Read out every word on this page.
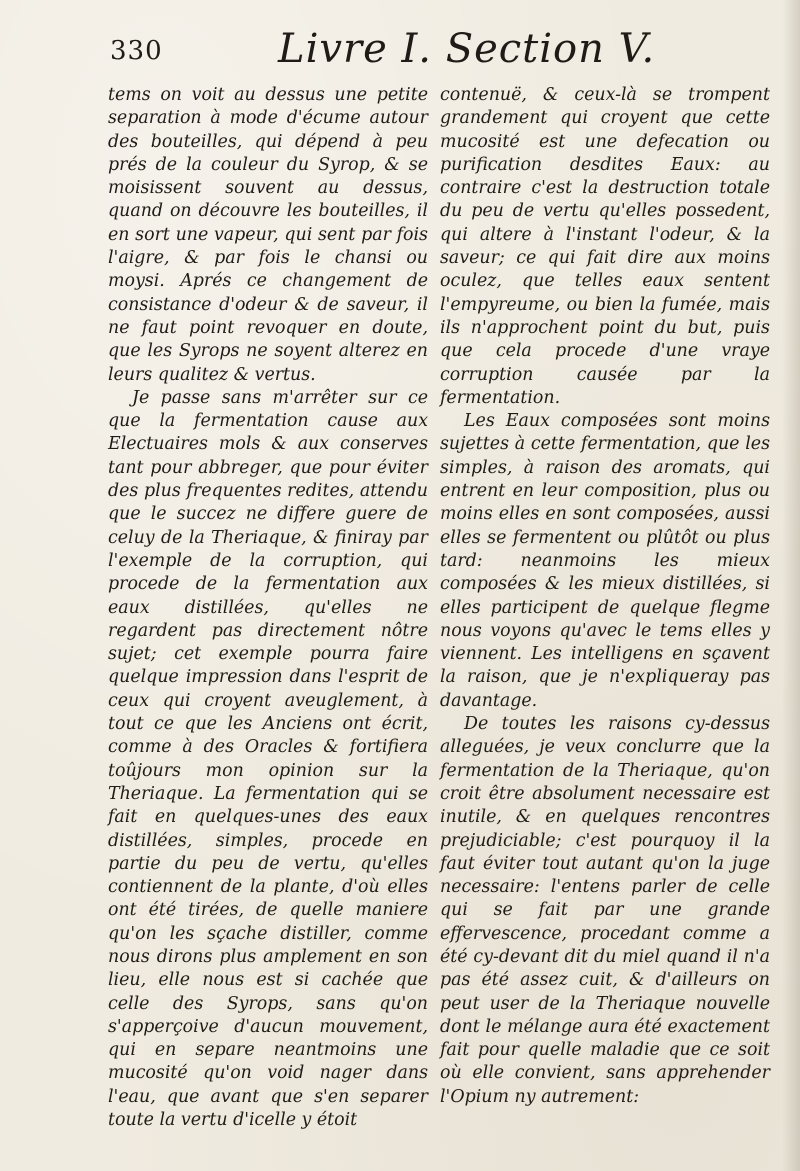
330	Livre I. Section V.

tems on voit au dessus une petite separation à mode d'écume autour des bouteilles, qui dépend à peu prés de la couleur du Syrop, & se moisissent souvent au dessus, quand on découvre les bouteilles, il en sort une vapeur, qui sent par fois l'aigre, & par fois le chansi ou moysi. Aprés ce changement de consistance d'odeur & de saveur, il ne faut point revoquer en doute, que les Syrops ne soyent alterez en leurs qualitez & vertus.

Je passe sans m'arrêter sur ce que la fermentation cause aux Electuaires mols & aux conserves tant pour abbreger, que pour éviter des plus frequentes redites, attendu que le succez ne differe guere de celuy de la Theriaque, & finiray par l'exemple de la corruption, qui procede de la fermentation aux eaux distillées, qu'elles ne regardent pas directement nôtre sujet; cet exemple pourra faire quelque impression dans l'esprit de ceux qui croyent aveuglement, à tout ce que les Anciens ont écrit, comme à des Oracles & fortifiera toûjours mon opinion sur la Theriaque. La fermentation qui se fait en quelques-unes des eaux distillées, simples, procede en partie du peu de vertu, qu'elles contiennent de la plante, d'où elles ont été tirées, de quelle maniere qu'on les sçache distiller, comme nous dirons plus amplement en son lieu, elle nous est si cachée que celle des Syrops, sans qu'on s'apperçoive d'aucun mouvement, qui en separe neantmoins une mucosité qu'on void nager dans l'eau, que avant que s'en separer toute la vertu d'icelle y étoit

contenuë, & ceux-là se trompent grandement qui croyent que cette mucosité est une defecation ou purification desdites Eaux: au contraire c'est la destruction totale du peu de vertu qu'elles possedent, qui altere à l'instant l'odeur, & la saveur; ce qui fait dire aux moins oculez, que telles eaux sentent l'empyreume, ou bien la fumée, mais ils n'approchent point du but, puis que cela procede d'une vraye corruption causée par la fermentation.

Les Eaux composées sont moins sujettes à cette fermentation, que les simples, à raison des aromats, qui entrent en leur composition, plus ou moins elles en sont composées, aussi elles se fermentent ou plûtôt ou plus tard: neanmoins les mieux composées & les mieux distillées, si elles participent de quelque flegme nous voyons qu'avec le tems elles y viennent. Les intelligens en sçavent la raison, que je n'expliqueray pas davantage.

De toutes les raisons cy-dessus alleguées, je veux conclurre que la fermentation de la Theriaque, qu'on croit être absolument necessaire est inutile, & en quelques rencontres prejudiciable; c'est pourquoy il la faut éviter tout autant qu'on la juge necessaire: l'entens parler de celle qui se fait par une grande effervescence, procedant comme a été cy-devant dit du miel quand il n'a pas été assez cuit, & d'ailleurs on peut user de la Theriaque nouvelle dont le mélange aura été exactement fait pour quelle maladie que ce soit où elle convient, sans apprehender l'Opium ny autrement:
